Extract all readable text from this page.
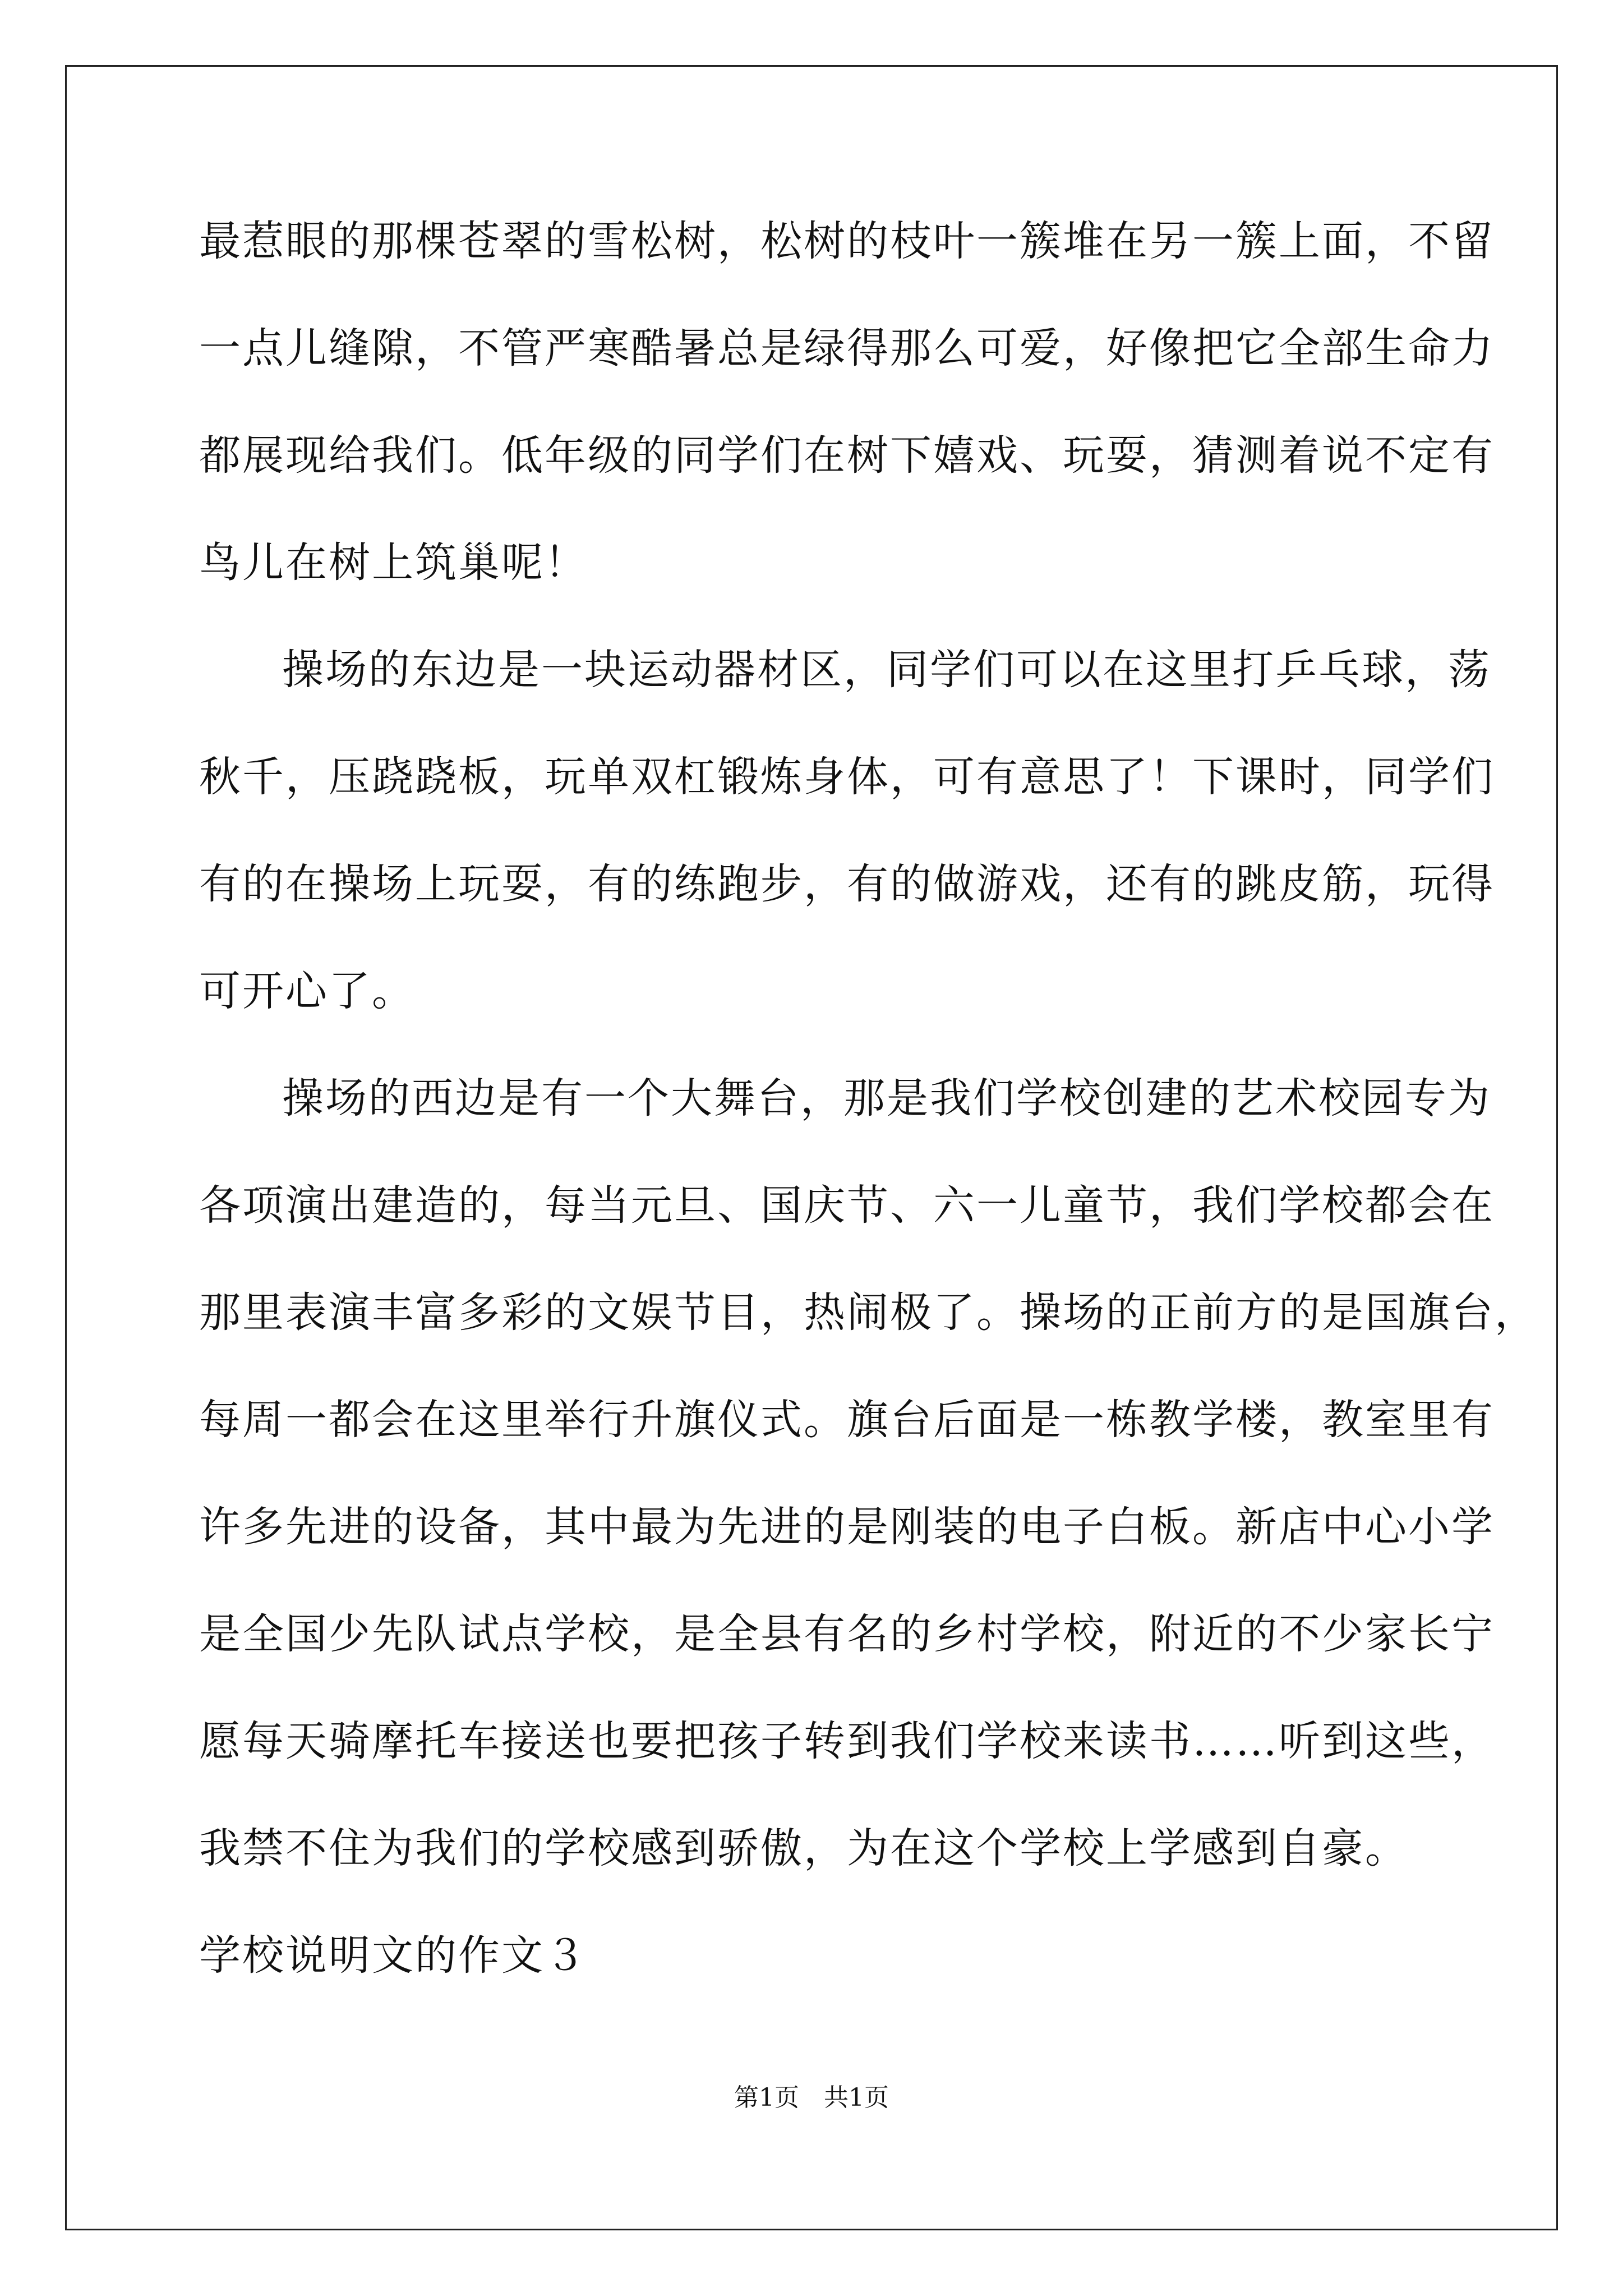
最惹眼的那棵苍翠的雪松树，松树的枝叶一簇堆在另一簇上面，不留
一点儿缝隙，不管严寒酷暑总是绿得那么可爱，好像把它全部生命力
都展现给我们。低年级的同学们在树下嬉戏、玩耍，猜测着说不定有
鸟儿在树上筑巢呢！
操场的东边是一块运动器材区，同学们可以在这里打乒乓球，荡
秋千，压跷跷板，玩单双杠锻炼身体，可有意思了！下课时，同学们
有的在操场上玩耍，有的练跑步，有的做游戏，还有的跳皮筋，玩得
可开心了。
操场的西边是有一个大舞台，那是我们学校创建的艺术校园专为
各项演出建造的，每当元旦、国庆节、六一儿童节，我们学校都会在
那里表演丰富多彩的文娱节目，热闹极了。操场的正前方的是国旗台，
每周一都会在这里举行升旗仪式。旗台后面是一栋教学楼，教室里有
许多先进的设备，其中最为先进的是刚装的电子白板。新店中心小学
是全国少先队试点学校，是全县有名的乡村学校，附近的不少家长宁
愿每天骑摩托车接送也要把孩子转到我们学校来读书……听到这些，
我禁不住为我们的学校感到骄傲，为在这个学校上学感到自豪。
学校说明文的作文３
第1页 共1页
